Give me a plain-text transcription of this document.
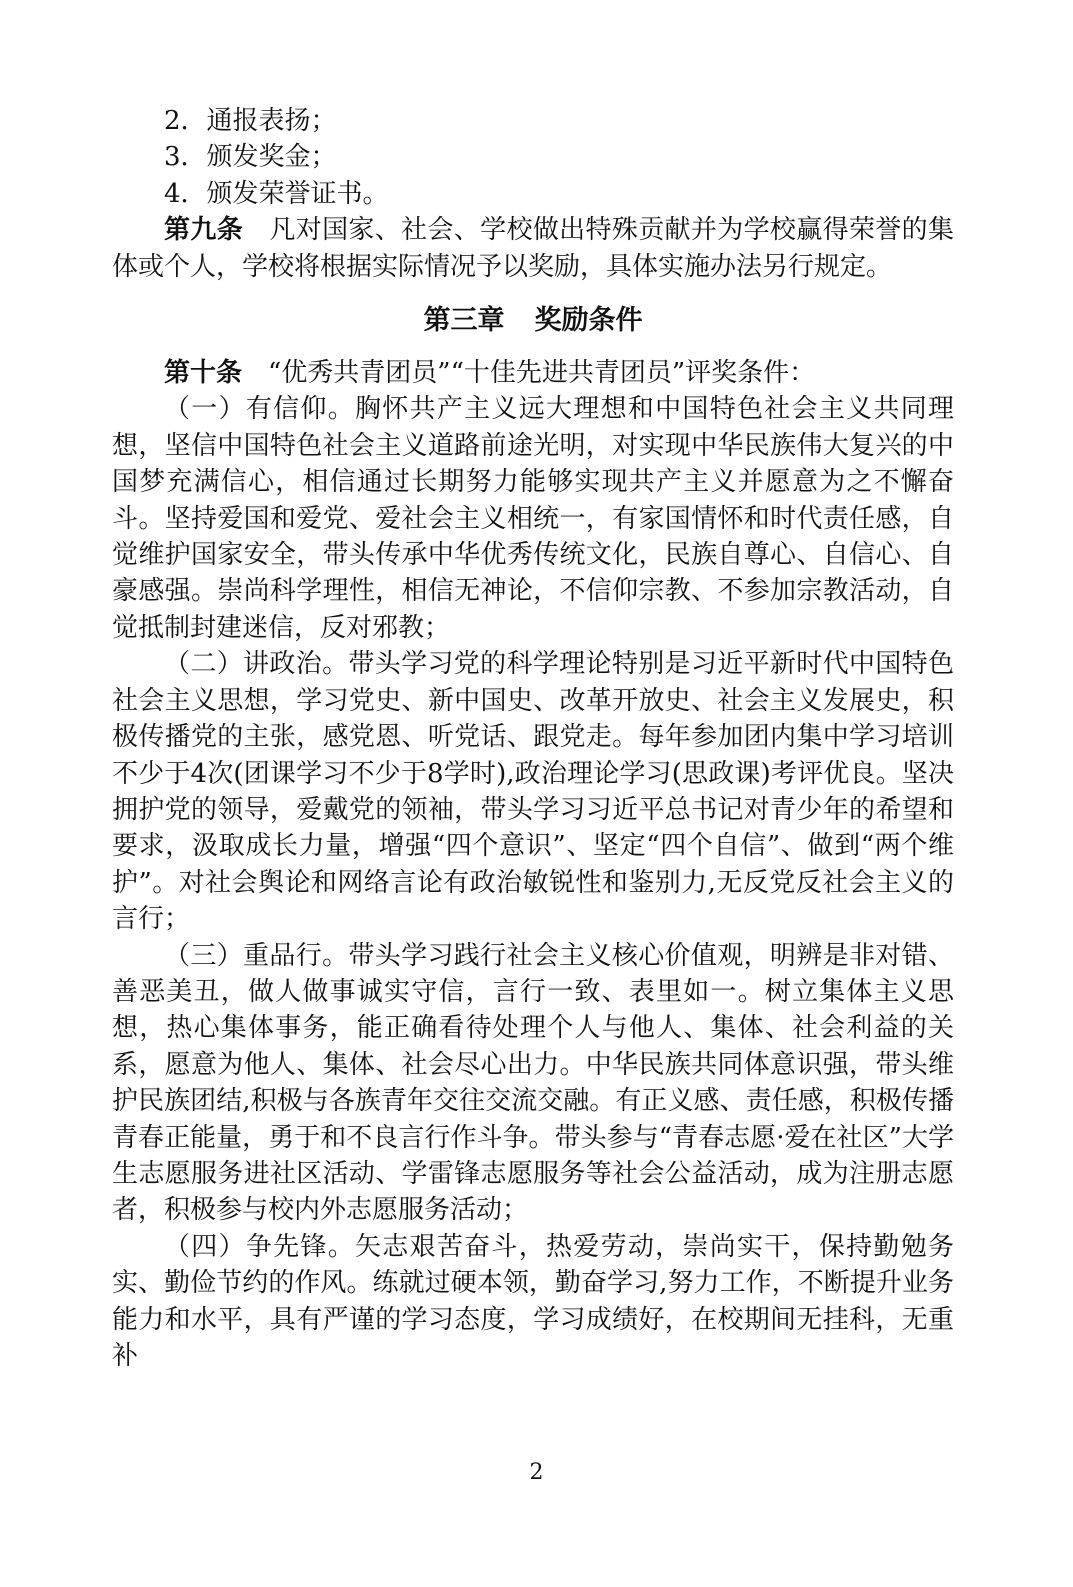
2．通报表扬；

3．颁发奖金；

4．颁发荣誉证书。

第九条 凡对国家、社会、学校做出特殊贡献并为学校赢得荣誉的集体或个人，学校将根据实际情况予以奖励，具体实施办法另行规定。

第三章 奖励条件

第十条 “优秀共青团员”“十佳先进共青团员”评奖条件：

（一）有信仰。胸怀共产主义远大理想和中国特色社会主义共同理想，坚信中国特色社会主义道路前途光明，对实现中华民族伟大复兴的中国梦充满信心，相信通过长期努力能够实现共产主义并愿意为之不懈奋斗。坚持爱国和爱党、爱社会主义相统一，有家国情怀和时代责任感，自觉维护国家安全，带头传承中华优秀传统文化，民族自尊心、自信心、自豪感强。崇尚科学理性，相信无神论，不信仰宗教、不参加宗教活动，自觉抵制封建迷信，反对邪教；

（二）讲政治。带头学习党的科学理论特别是习近平新时代中国特色社会主义思想，学习党史、新中国史、改革开放史、社会主义发展史，积极传播党的主张，感党恩、听党话、跟党走。每年参加团内集中学习培训不少于4次(团课学习不少于8学时),政治理论学习(思政课)考评优良。坚决拥护党的领导，爱戴党的领袖，带头学习习近平总书记对青少年的希望和要求，汲取成长力量，增强“四个意识”、坚定“四个自信”、做到“两个维护”。对社会舆论和网络言论有政治敏锐性和鉴别力,无反党反社会主义的言行；

（三）重品行。带头学习践行社会主义核心价值观，明辨是非对错、善恶美丑，做人做事诚实守信，言行一致、表里如一。树立集体主义思想，热心集体事务，能正确看待处理个人与他人、集体、社会利益的关系，愿意为他人、集体、社会尽心出力。中华民族共同体意识强，带头维护民族团结,积极与各族青年交往交流交融。有正义感、责任感，积极传播青春正能量，勇于和不良言行作斗争。带头参与“青春志愿·爱在社区”大学生志愿服务进社区活动、学雷锋志愿服务等社会公益活动，成为注册志愿者，积极参与校内外志愿服务活动；

（四）争先锋。矢志艰苦奋斗，热爱劳动，崇尚实干，保持勤勉务实、勤俭节约的作风。练就过硬本领，勤奋学习,努力工作，不断提升业务能力和水平，具有严谨的学习态度，学习成绩好，在校期间无挂科，无重补

2
